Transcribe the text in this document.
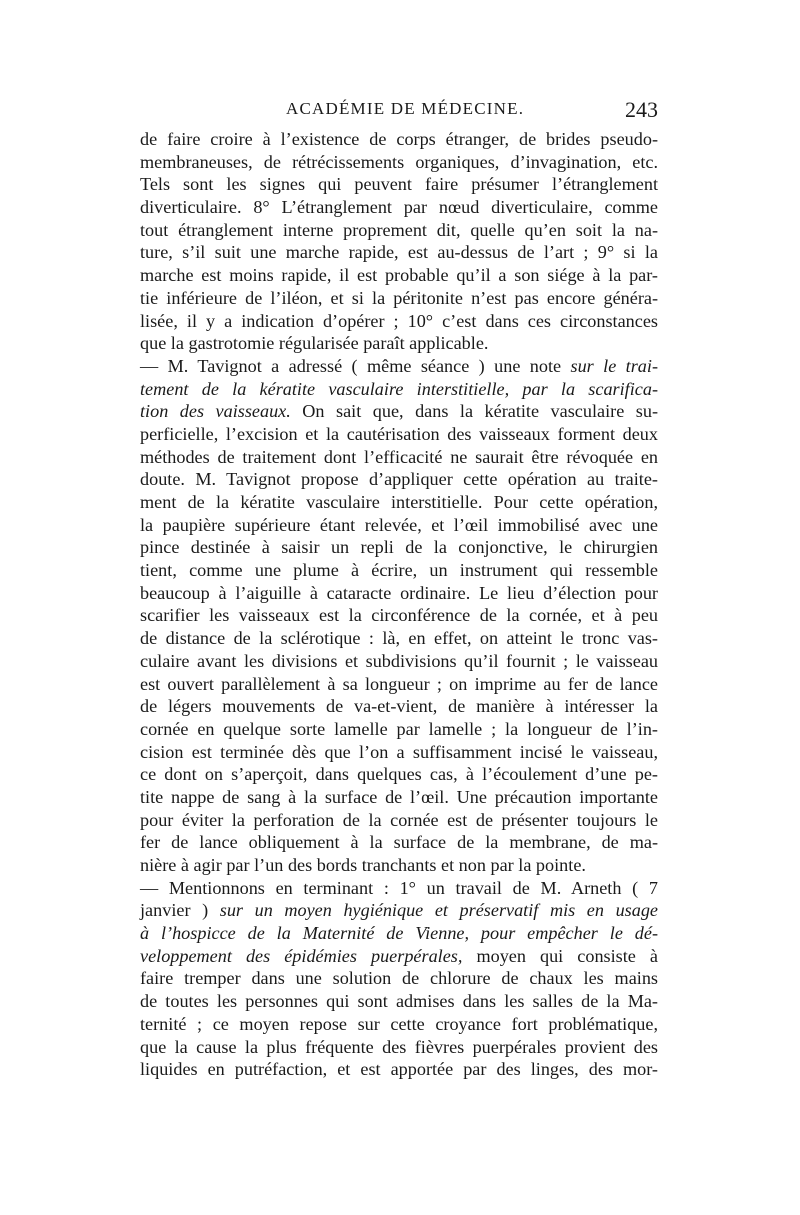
ACADÉMIE DE MÉDECINE.	243
de faire croire à l’existence de corps étranger, de brides pseudo-
membraneuses, de rétrécissements organiques, d’invagination, etc.
Tels sont les signes qui peuvent faire présumer l’étranglement
diverticulaire. 8° L’étranglement par nœud diverticulaire, comme
tout étranglement interne proprement dit, quelle qu’en soit la na-
ture, s’il suit une marche rapide, est au-dessus de l’art ; 9° si la
marche est moins rapide, il est probable qu’il a son siége à la par-
tie inférieure de l’iléon, et si la péritonite n’est pas encore généra-
lisée, il y a indication d’opérer ; 10° c’est dans ces circonstances
que la gastrotomie régularisée paraît applicable.
— M. Tavignot a adressé ( même séance ) une note sur le trai-
tement de la kératite vasculaire interstitielle, par la scarifica-
tion des vaisseaux. On sait que, dans la kératite vasculaire su-
perficielle, l’excision et la cautérisation des vaisseaux forment deux
méthodes de traitement dont l’efficacité ne saurait être révoquée en
doute. M. Tavignot propose d’appliquer cette opération au traite-
ment de la kératite vasculaire interstitielle. Pour cette opération,
la paupière supérieure étant relevée, et l’œil immobilisé avec une
pince destinée à saisir un repli de la conjonctive, le chirurgien
tient, comme une plume à écrire, un instrument qui ressemble
beaucoup à l’aiguille à cataracte ordinaire. Le lieu d’élection pour
scarifier les vaisseaux est la circonférence de la cornée, et à peu
de distance de la sclérotique : là, en effet, on atteint le tronc vas-
culaire avant les divisions et subdivisions qu’il fournit ; le vaisseau
est ouvert parallèlement à sa longueur ; on imprime au fer de lance
de légers mouvements de va-et-vient, de manière à intéresser la
cornée en quelque sorte lamelle par lamelle ; la longueur de l’in-
cision est terminée dès que l’on a suffisamment incisé le vaisseau,
ce dont on s’aperçoit, dans quelques cas, à l’écoulement d’une pe-
tite nappe de sang à la surface de l’œil. Une précaution importante
pour éviter la perforation de la cornée est de présenter toujours le
fer de lance obliquement à la surface de la membrane, de ma-
nière à agir par l’un des bords tranchants et non par la pointe.
— Mentionnons en terminant : 1° un travail de M. Arneth ( 7
janvier ) sur un moyen hygiénique et préservatif mis en usage
à l’hospicce de la Maternité de Vienne, pour empêcher le dé-
veloppement des épidémies puerpérales, moyen qui consiste à
faire tremper dans une solution de chlorure de chaux les mains
de toutes les personnes qui sont admises dans les salles de la Ma-
ternité ; ce moyen repose sur cette croyance fort problématique,
que la cause la plus fréquente des fièvres puerpérales provient des
liquides en putréfaction, et est apportée par des linges, des mor-
